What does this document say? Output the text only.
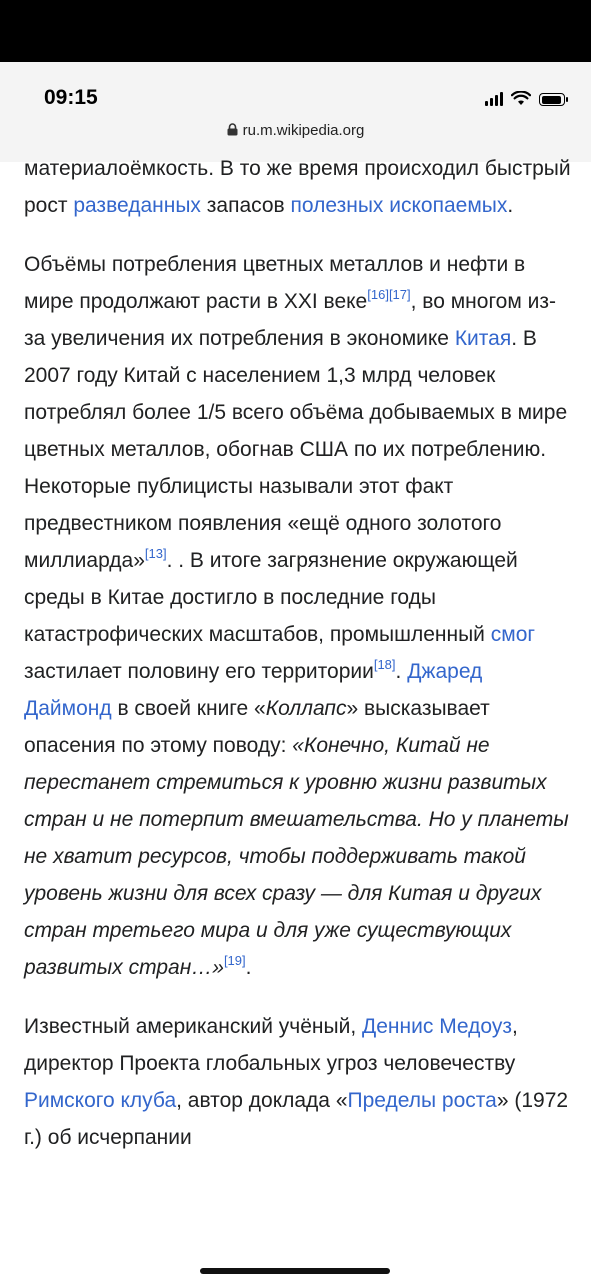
09:15
ru.m.wikipedia.org

материалоёмкость. В то же время происходил быстрый рост разведанных запасов полезных ископаемых.

Объёмы потребления цветных металлов и нефти в мире продолжают расти в XXI веке[16][17], во многом из-за увеличения их потребления в экономике Китая. В 2007 году Китай с населением 1,3 млрд человек потреблял более 1/5 всего объёма добываемых в мире цветных металлов, обогнав США по их потреблению. Некоторые публицисты называли этот факт предвестником появления «ещё одного золотого миллиарда»[13]. . В итоге загрязнение окружающей среды в Китае достигло в последние годы катастрофических масштабов, промышленный смог застилает половину его территории[18]. Джаред Даймонд в своей книге «Коллапс» высказывает опасения по этому поводу: «Конечно, Китай не перестанет стремиться к уровню жизни развитых стран и не потерпит вмешательства. Но у планеты не хватит ресурсов, чтобы поддерживать такой уровень жизни для всех сразу — для Китая и других стран третьего мира и для уже существующих развитых стран…»[19].

Известный американский учёный, Деннис Медоуз, директор Проекта глобальных угроз человечеству Римского клуба, автор доклада «Пределы роста» (1972 г.) об исчерпании
